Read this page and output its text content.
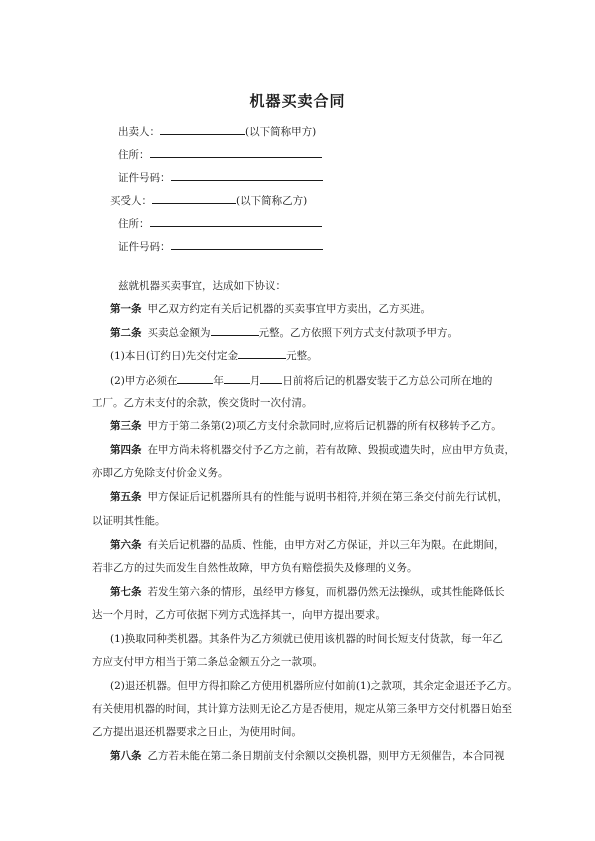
机器买卖合同
出卖人：	(以下简称甲方)
住所：
证件号码：
买受人：	(以下简称乙方)
住所：
证件号码：
兹就机器买卖事宜，达成如下协议：
第一条 甲乙双方约定有关后记机器的买卖事宜甲方卖出，乙方买进。
第二条 买卖总金额为	元整。乙方依照下列方式支付款项予甲方。
(1)本日(订约日)先交付定金	元整。
(2)甲方必须在	年 月 日前将后记的机器安装于乙方总公司所在地的
工厂。乙方未支付的余款，俟交货时一次付清。
第三条 甲方于第二条第(2)项乙方支付余款同时,应将后记机器的所有权移转予乙方。
第四条 在甲方尚未将机器交付予乙方之前，若有故障、毁损或遗失时，应由甲方负责，
亦即乙方免除支付价金义务。
第五条 甲方保证后记机器所具有的性能与说明书相符,并须在第三条交付前先行试机，
以证明其性能。
第六条 有关后记机器的品质、性能，由甲方对乙方保证，并以三年为限。在此期间，
若非乙方的过失而发生自然性故障，甲方负有赔偿损失及修理的义务。
第七条 若发生第六条的情形，虽经甲方修复，而机器仍然无法操纵，或其性能降低长
达一个月时，乙方可依据下列方式选择其一，向甲方提出要求。
(1)换取同种类机器。其条件为乙方须就已使用该机器的时间长短支付货款，每一年乙
方应支付甲方相当于第二条总金额五分之一款项。
(2)退还机器。但甲方得扣除乙方使用机器所应付如前(1)之款项，其余定金退还予乙方。
有关使用机器的时间，其计算方法则无论乙方是否使用，规定从第三条甲方交付机器日始至
乙方提出退还机器要求之日止，为使用时间。
第八条 乙方若未能在第二条日期前支付余额以交换机器，则甲方无须催告，本合同视
